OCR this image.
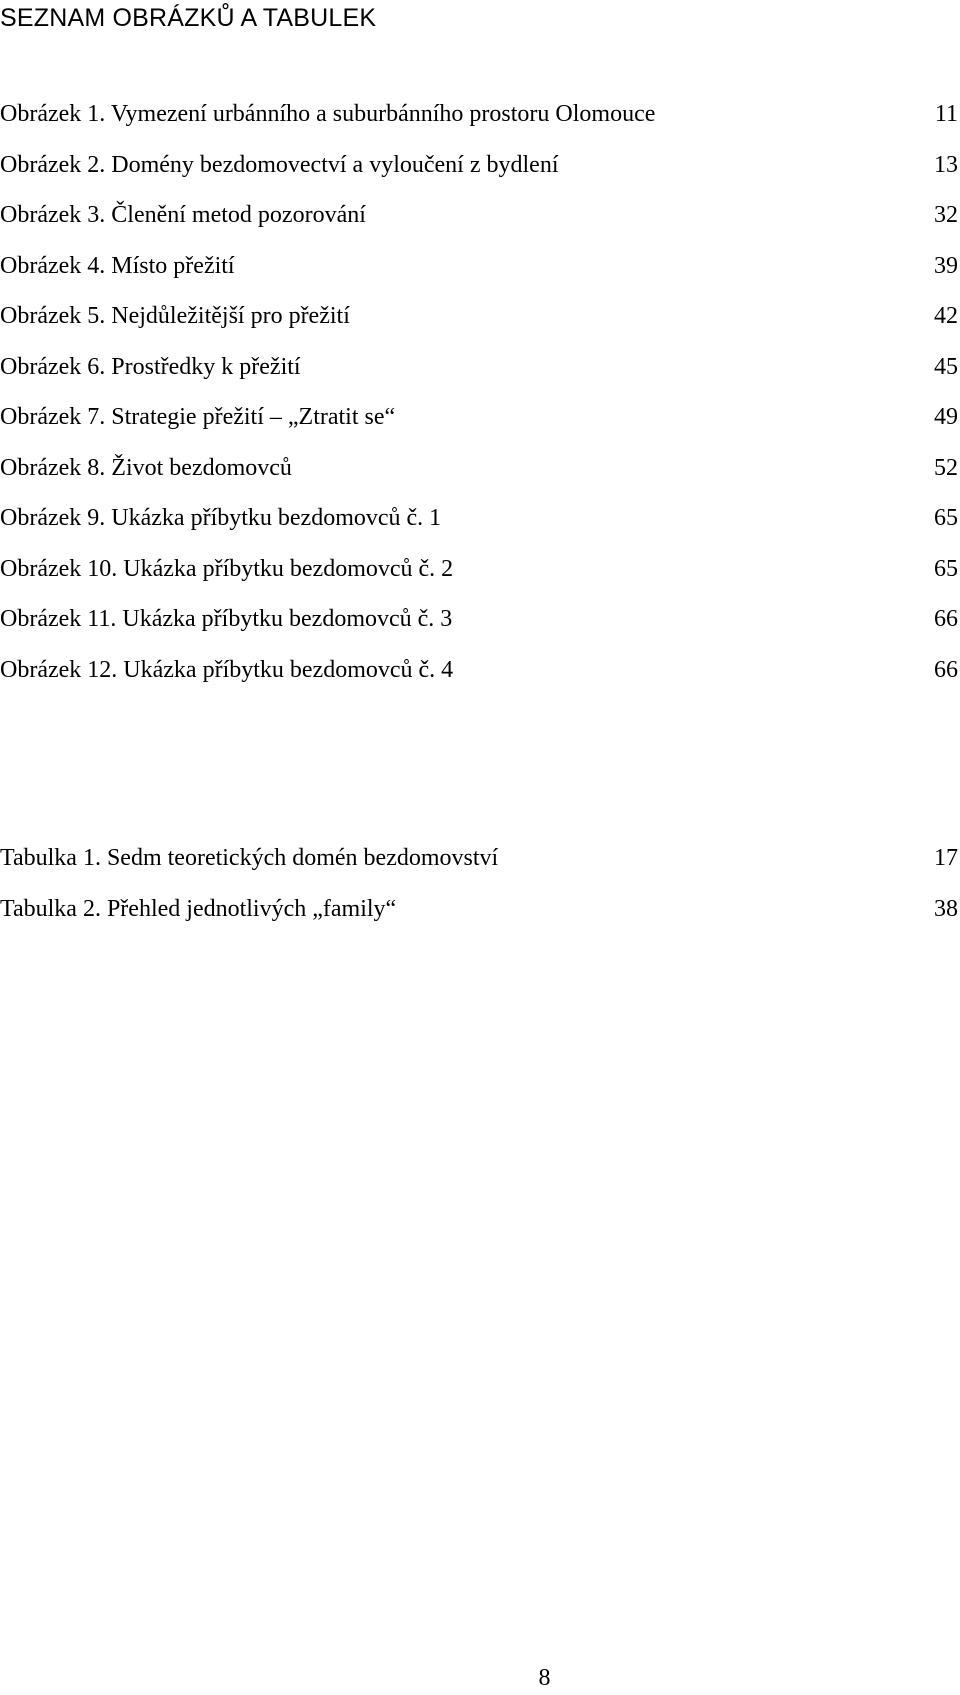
SEZNAM OBRÁZKŮ A TABULEK
Obrázek 1. Vymezení urbánního a suburbánního prostoru Olomouce	11
Obrázek 2. Domény bezdomovectví a vyloučení z bydlení	13
Obrázek 3. Členění metod pozorování	32
Obrázek 4. Místo přežití	39
Obrázek 5. Nejdůležitější pro přežití	42
Obrázek 6. Prostředky k přežití	45
Obrázek 7. Strategie přežití – „Ztratit se“	49
Obrázek 8. Život bezdomovců	52
Obrázek 9. Ukázka příbytku bezdomovců č. 1	65
Obrázek 10. Ukázka příbytku bezdomovců č. 2	65
Obrázek 11. Ukázka příbytku bezdomovců č. 3	66
Obrázek 12. Ukázka příbytku bezdomovců č. 4	66
Tabulka 1. Sedm teoretických domén bezdomovství	17
Tabulka 2. Přehled jednotlivých „family“	38
8
